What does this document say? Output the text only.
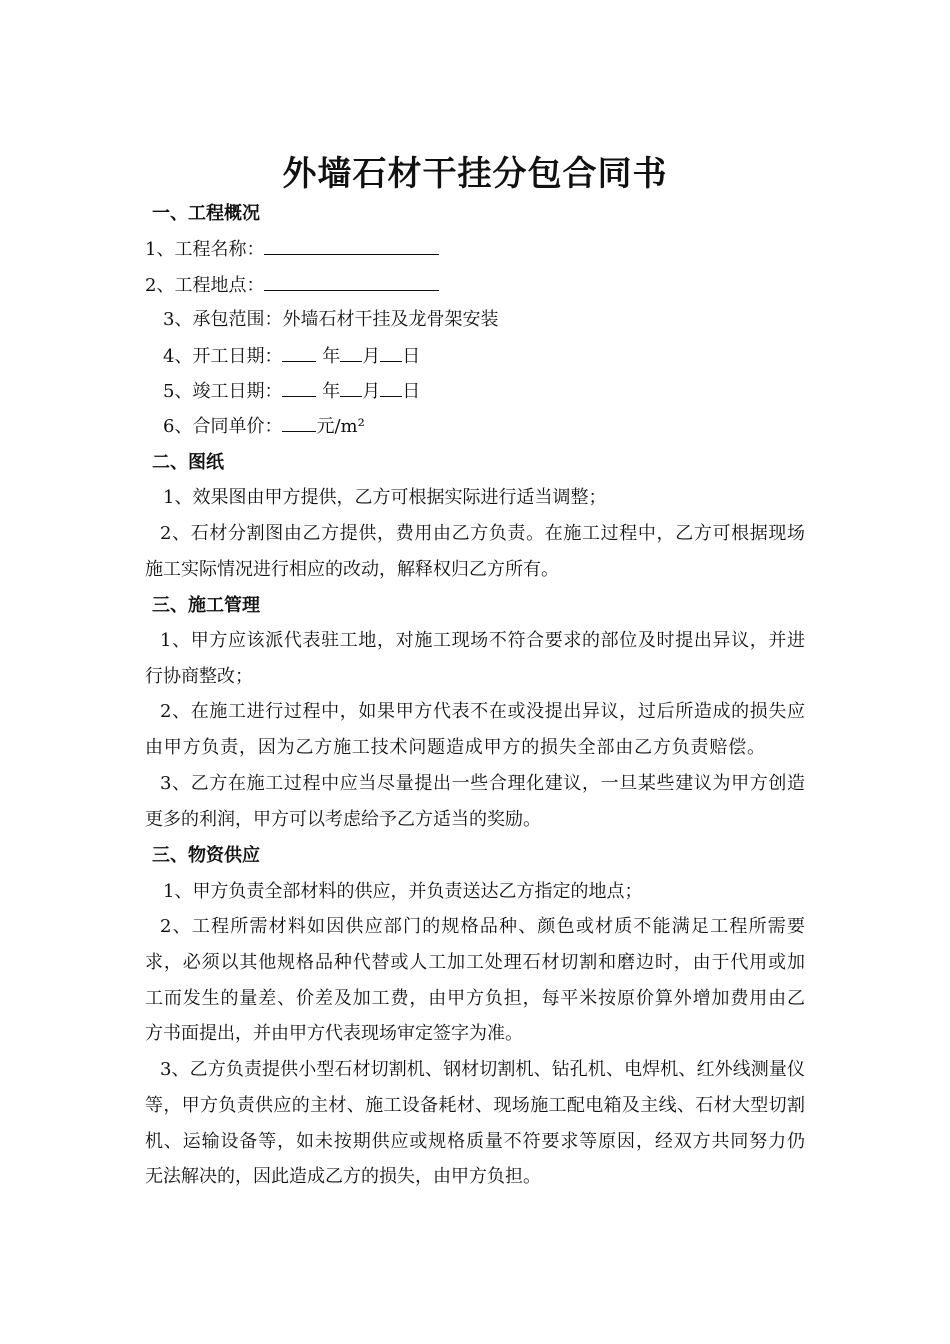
外墙石材干挂分包合同书
一、工程概况
1、工程名称：
2、工程地点：
3、承包范围：外墙石材干挂及龙骨架安装
4、开工日期： 年 月 日
5、竣工日期： 年 月 日
6、合同单价： 元/m²
二、图纸
1、效果图由甲方提供，乙方可根据实际进行适当调整；
2、石材分割图由乙方提供，费用由乙方负责。在施工过程中，乙方可根据现场
施工实际情况进行相应的改动，解释权归乙方所有。
三、施工管理
1、甲方应该派代表驻工地，对施工现场不符合要求的部位及时提出异议，并进
行协商整改；
2、在施工进行过程中，如果甲方代表不在或没提出异议，过后所造成的损失应
由甲方负责，因为乙方施工技术问题造成甲方的损失全部由乙方负责赔偿。
3、乙方在施工过程中应当尽量提出一些合理化建议，一旦某些建议为甲方创造
更多的利润，甲方可以考虑给予乙方适当的奖励。
三、物资供应
1、甲方负责全部材料的供应，并负责送达乙方指定的地点；
2、工程所需材料如因供应部门的规格品种、颜色或材质不能满足工程所需要
求，必须以其他规格品种代替或人工加工处理石材切割和磨边时，由于代用或加
工而发生的量差、价差及加工费，由甲方负担，每平米按原价算外增加费用由乙
方书面提出，并由甲方代表现场审定签字为准。
3、乙方负责提供小型石材切割机、钢材切割机、钻孔机、电焊机、红外线测量仪
等，甲方负责供应的主材、施工设备耗材、现场施工配电箱及主线、石材大型切割
机、运输设备等，如未按期供应或规格质量不符要求等原因，经双方共同努力仍
无法解决的，因此造成乙方的损失，由甲方负担。
